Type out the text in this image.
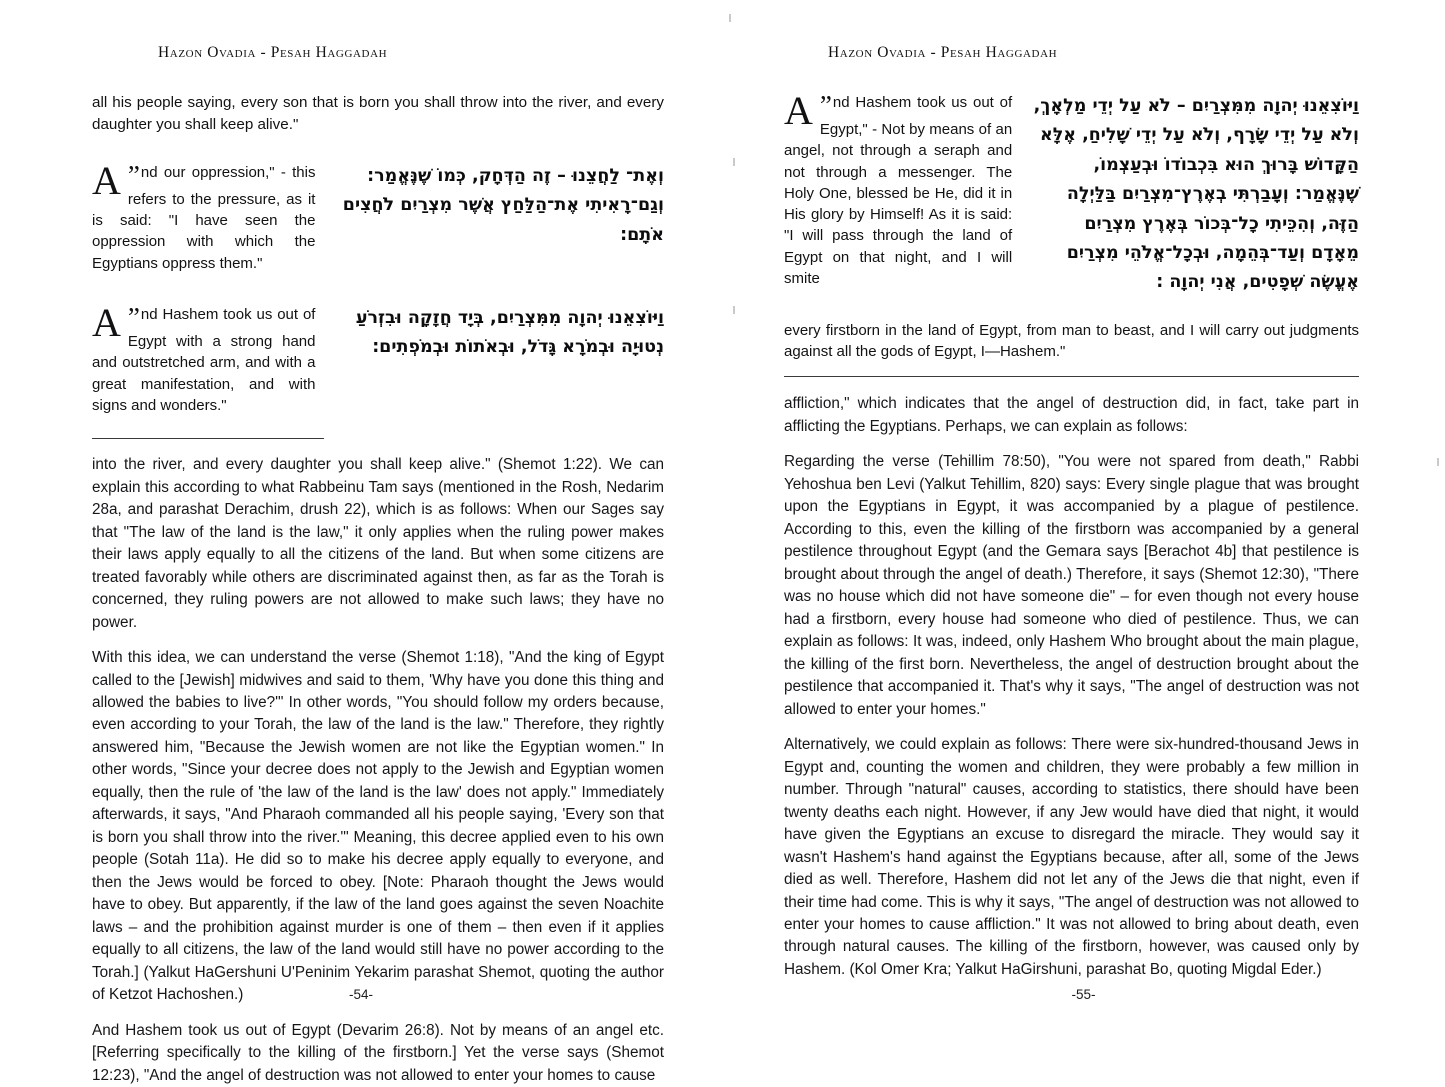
Hazon Ovadia - Pesah Haggadah

all his people saying, every son that is born you shall throw into the river, and every daughter you shall keep alive."

”
A	nd our oppression," - this refers to the pressure, as it is said: "I have seen the oppression with which the Egyptians oppress them."
וְאֶת־ לַחֲצֵנוּ – זֶה הַדְּחָק, כְּמוֹ שֶׁנֶּאֱמַר: וְגַם־רָאִיתִי אֶת־הַלַּחַץ אֲשֶׁר מִצְרַיִם לֹחֲצִים אֹתָם:
”
A	nd Hashem took us out of Egypt with a strong hand and outstretched arm, and with a great manifestation, and with signs and wonders."
וַיּוֹצִאֵנוּ יְהוָה מִמִּצְרַיִם, בְּיָד חֲזָקָה וּבִזְרֹעַ נְטוּיָה וּבְמֹרָא גָּדֹל, וּבְאֹתוֹת וּבְמֹפְתִים:

into the river, and every daughter you shall keep alive." (Shemot 1:22). We can explain this according to what Rabbeinu Tam says (mentioned in the Rosh, Nedarim 28a, and parashat Derachim, drush 22), which is as follows: When our Sages say that "The law of the land is the law," it only applies when the ruling power makes their laws apply equally to all the citizens of the land. But when some citizens are treated favorably while others are discriminated against then, as far as the Torah is concerned, they ruling powers are not allowed to make such laws; they have no power.

With this idea, we can understand the verse (Shemot 1:18), "And the king of Egypt called to the [Jewish] midwives and said to them, 'Why have you done this thing and allowed the babies to live?'" In other words, "You should follow my orders because, even according to your Torah, the law of the land is the law." Therefore, they rightly answered him, "Because the Jewish women are not like the Egyptian women." In other words, "Since your decree does not apply to the Jewish and Egyptian women equally, then the rule of 'the law of the land is the law' does not apply." Immediately afterwards, it says, "And Pharaoh commanded all his people saying, 'Every son that is born you shall throw into the river.'" Meaning, this decree applied even to his own people (Sotah 11a). He did so to make his decree apply equally to everyone, and then the Jews would be forced to obey. [Note: Pharaoh thought the Jews would have to obey. But apparently, if the law of the land goes against the seven Noachite laws – and the prohibition against murder is one of them – then even if it applies equally to all citizens, the law of the land would still have no power according to the Torah.] (Yalkut HaGershuni U'Peninim Yekarim parashat Shemot, quoting the author of Ketzot Hachoshen.)

And Hashem took us out of Egypt (Devarim 26:8). Not by means of an angel etc. [Referring specifically to the killing of the firstborn.] Yet the verse says (Shemot 12:23), "And the angel of destruction was not allowed to enter your homes to cause

-54-
Hazon Ovadia - Pesah Haggadah
”
A	nd Hashem took us out of Egypt," - Not by means of an angel, not through a seraph and not through a messenger. The Holy One, blessed be He, did it in His glory by Himself! As it is said: "I will pass through the land of Egypt on that night, and I will smite
וַיּוֹצִאֵנוּ יְהוָה מִמִּצְרַיִם – לֹא עַל יְדֵי מַלְאָךְ, וְלֹא עַל יְדֵי שָׂרָף, וְלֹא עַל יְדֵי שָׁלִיחַ, אֶלָּא הַקָּדוֹשׁ בָּרוּךְ הוּא בִּכְבוֹדוֹ וּבְעַצְמוֹ, שֶׁנֶּאֱמַר: וְעָבַרְתִּי בְאֶרֶץ־מִצְרַיִם בַּלַּיְלָה הַזֶּה, וְהִכֵּיתִי כָל־בְּכוֹר בְּאֶרֶץ מִצְרַיִם מֵאָדָם וְעַד־בְּהֵמָה, וּבְכָל־אֱלֹהֵי מִצְרַיִם אֶעֱשֶׂה שְׁפָטִים, אֲנִי יְהוָה :

every firstborn in the land of Egypt, from man to beast, and I will carry out judgments against all the gods of Egypt, I—Hashem."

affliction," which indicates that the angel of destruction did, in fact, take part in afflicting the Egyptians. Perhaps, we can explain as follows:

Regarding the verse (Tehillim 78:50), "You were not spared from death," Rabbi Yehoshua ben Levi (Yalkut Tehillim, 820) says: Every single plague that was brought upon the Egyptians in Egypt, it was accompanied by a plague of pestilence. According to this, even the killing of the firstborn was accompanied by a general pestilence throughout Egypt (and the Gemara says [Berachot 4b] that pestilence is brought about through the angel of death.) Therefore, it says (Shemot 12:30), "There was no house which did not have someone die" – for even though not every house had a firstborn, every house had someone who died of pestilence. Thus, we can explain as follows: It was, indeed, only Hashem Who brought about the main plague, the killing of the first born. Nevertheless, the angel of destruction brought about the pestilence that accompanied it. That's why it says, "The angel of destruction was not allowed to enter your homes."

Alternatively, we could explain as follows: There were six-hundred-thousand Jews in Egypt and, counting the women and children, they were probably a few million in number. Through "natural" causes, according to statistics, there should have been twenty deaths each night. However, if any Jew would have died that night, it would have given the Egyptians an excuse to disregard the miracle. They would say it wasn't Hashem's hand against the Egyptians because, after all, some of the Jews died as well. Therefore, Hashem did not let any of the Jews die that night, even if their time had come. This is why it says, "The angel of destruction was not allowed to enter your homes to cause affliction." It was not allowed to bring about death, even through natural causes. The killing of the firstborn, however, was caused only by Hashem. (Kol Omer Kra; Yalkut HaGirshuni, parashat Bo, quoting Migdal Eder.)

-55-
